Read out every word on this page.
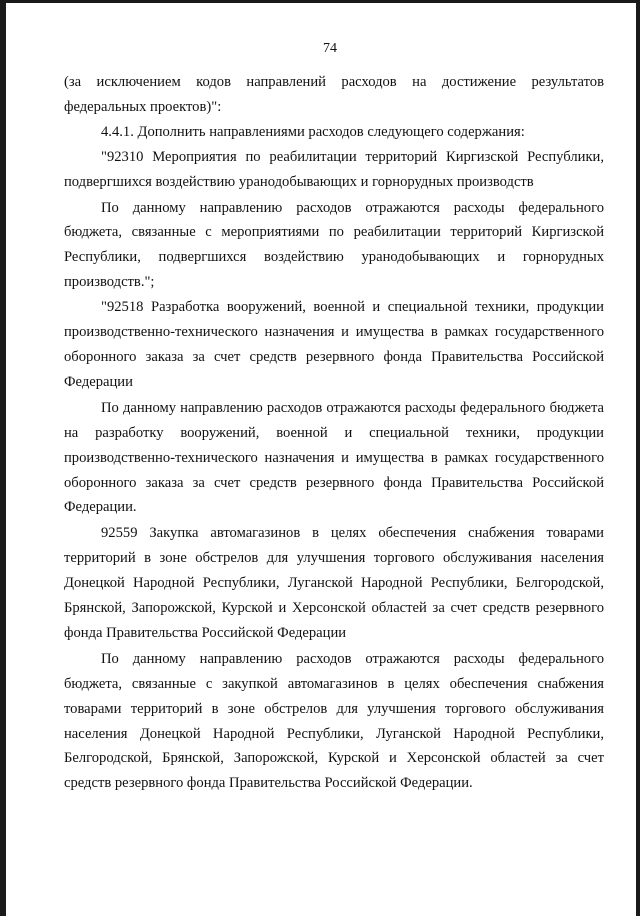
74

(за исключением кодов направлений расходов на достижение результатов федеральных проектов)":

4.4.1. Дополнить направлениями расходов следующего содержания:

"92310 Мероприятия по реабилитации территорий Киргизской Республики, подвергшихся воздействию уранодобывающих и горнорудных производств

По данному направлению расходов отражаются расходы федерального бюджета, связанные с мероприятиями по реабилитации территорий Киргизской Республики, подвергшихся воздействию уранодобывающих и горнорудных производств.";

"92518 Разработка вооружений, военной и специальной техники, продукции производственно-технического назначения и имущества в рамках государственного оборонного заказа за счет средств резервного фонда Правительства Российской Федерации

По данному направлению расходов отражаются расходы федерального бюджета на разработку вооружений, военной и специальной техники, продукции производственно-технического назначения и имущества в рамках государственного оборонного заказа за счет средств резервного фонда Правительства Российской Федерации.

92559 Закупка автомагазинов в целях обеспечения снабжения товарами территорий в зоне обстрелов для улучшения торгового обслуживания населения Донецкой Народной Республики, Луганской Народной Республики, Белгородской, Брянской, Запорожской, Курской и Херсонской областей за счет средств резервного фонда Правительства Российской Федерации

По данному направлению расходов отражаются расходы федерального бюджета, связанные с закупкой автомагазинов в целях обеспечения снабжения товарами территорий в зоне обстрелов для улучшения торгового обслуживания населения Донецкой Народной Республики, Луганской Народной Республики, Белгородской, Брянской, Запорожской, Курской и Херсонской областей за счет средств резервного фонда Правительства Российской Федерации.
